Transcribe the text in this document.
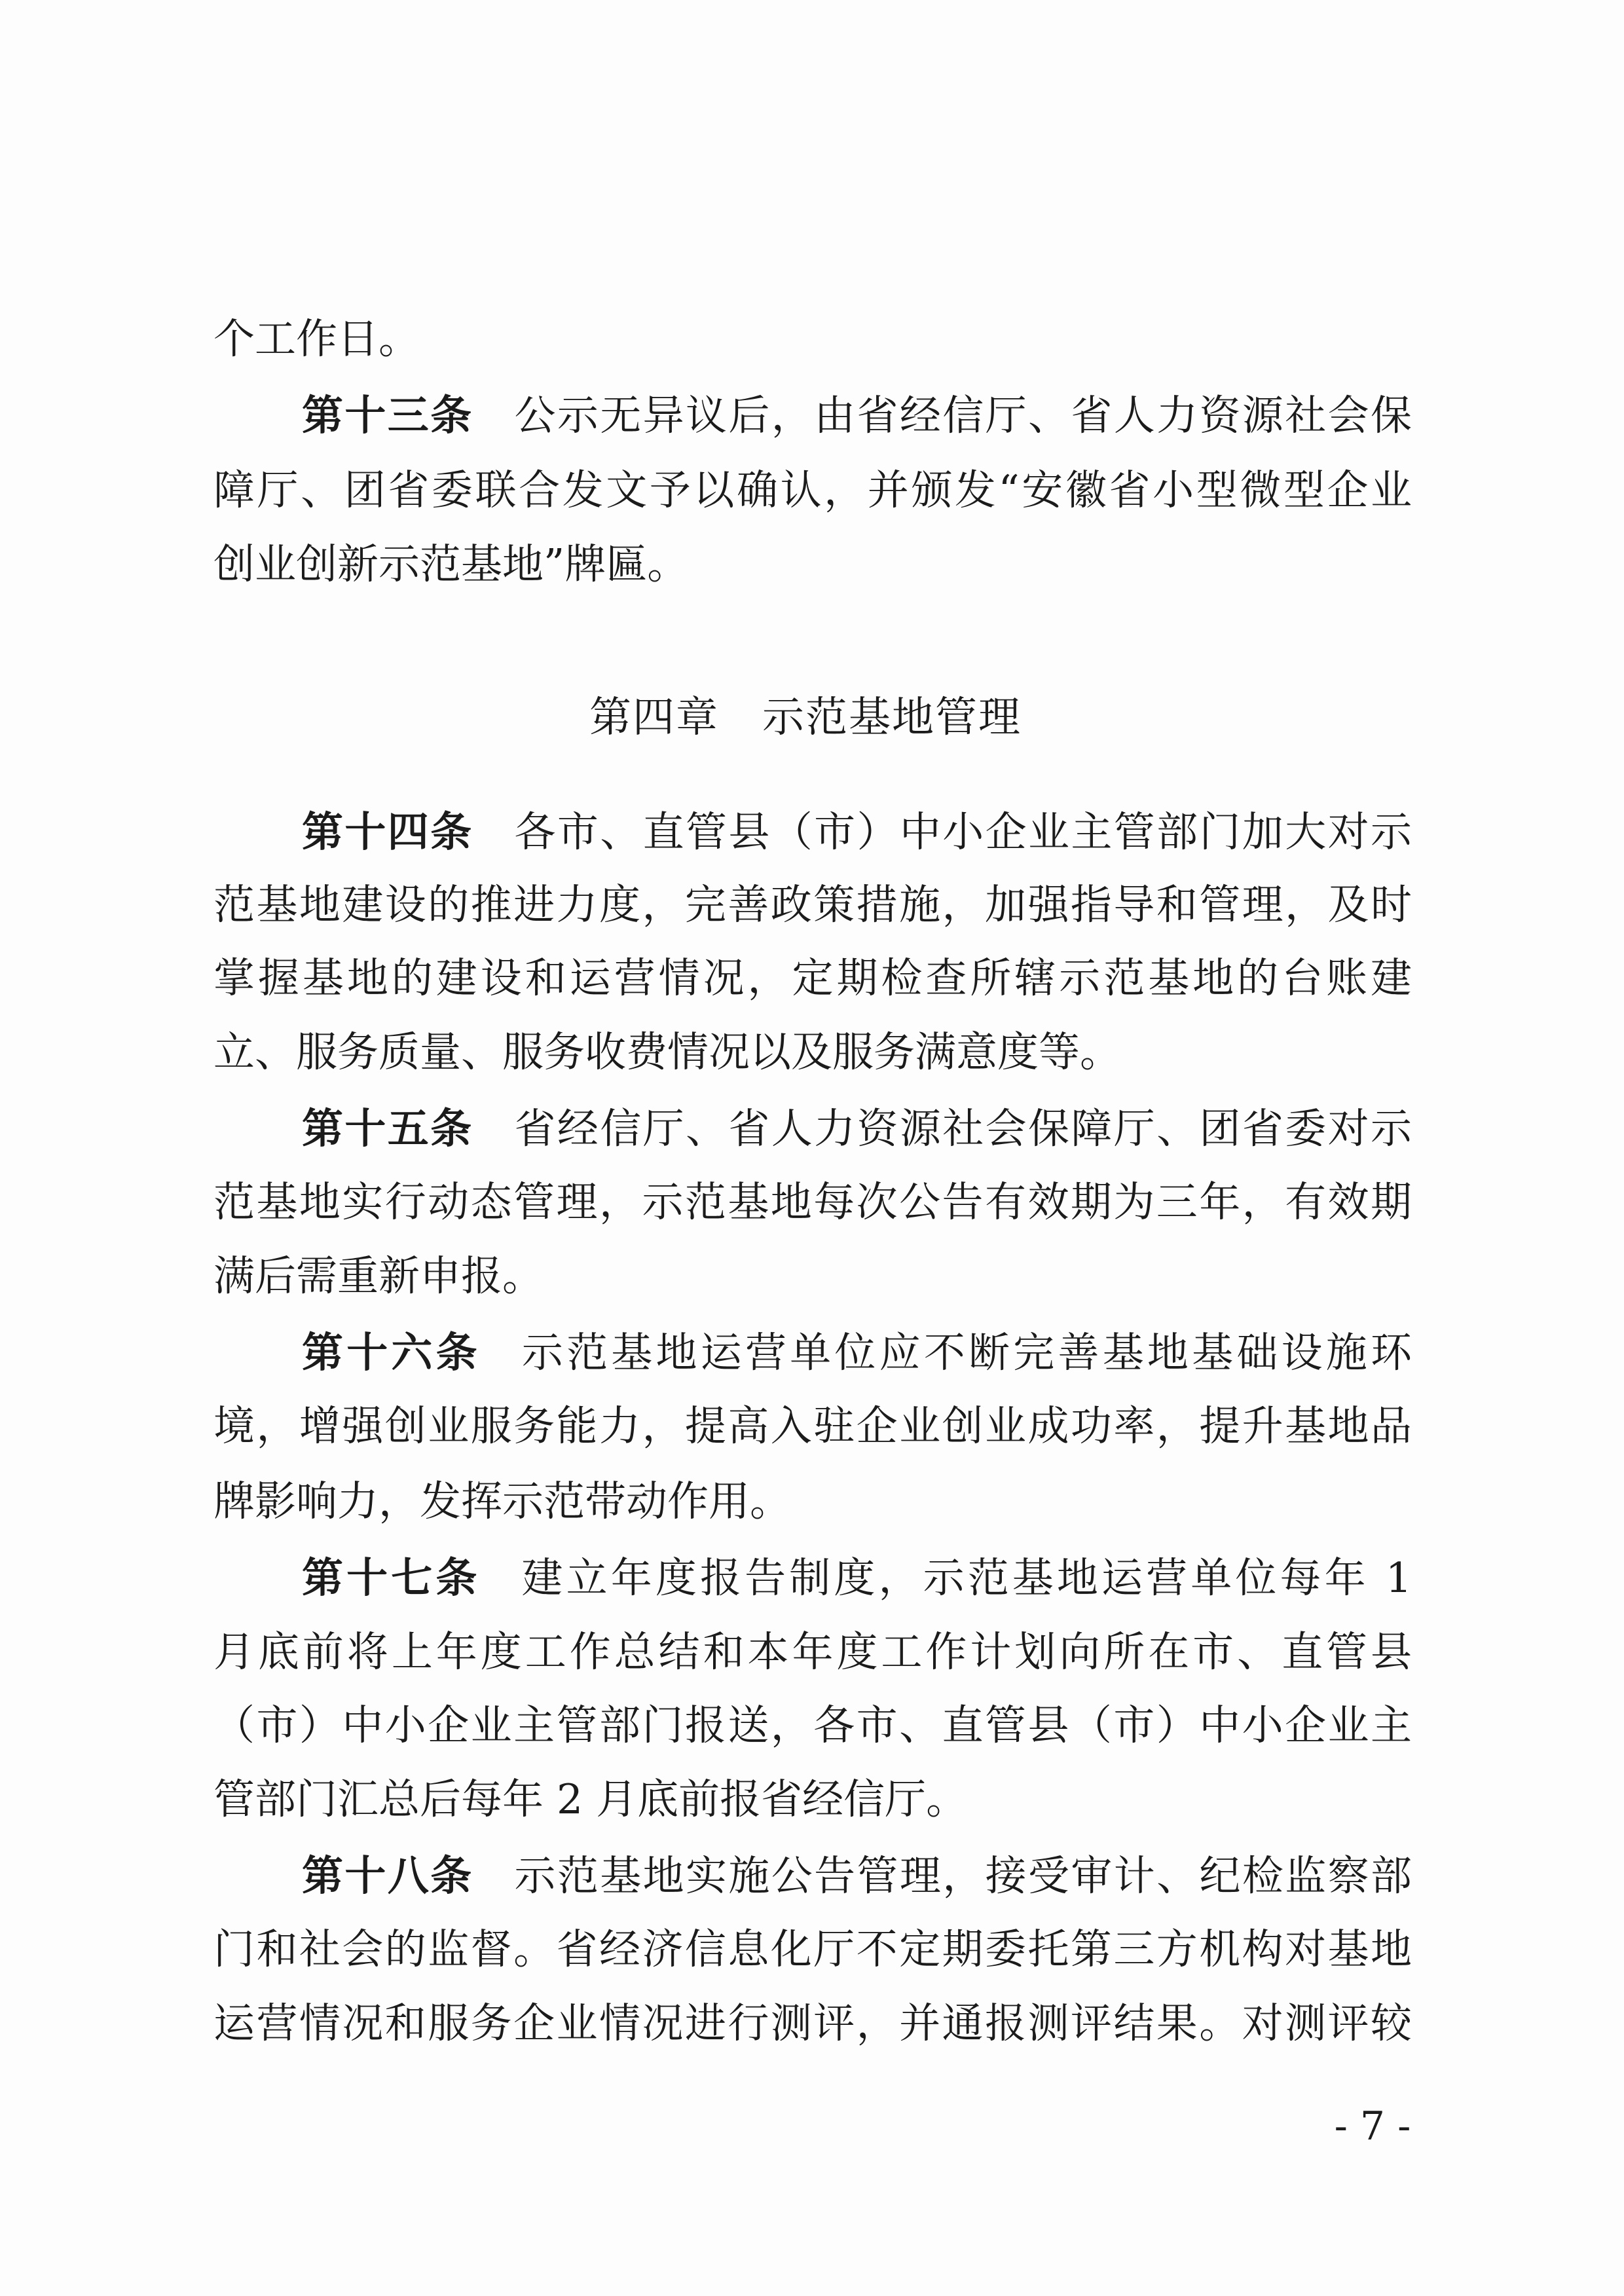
个工作日。
第十三条 公示无异议后，由省经信厅、省人力资源社会保
障厅、团省委联合发文予以确认，并颁发“安徽省小型微型企业
创业创新示范基地”牌匾。
第四章　示范基地管理
第十四条 各市、直管县（市）中小企业主管部门加大对示
范基地建设的推进力度，完善政策措施，加强指导和管理，及时
掌握基地的建设和运营情况，定期检查所辖示范基地的台账建
立、服务质量、服务收费情况以及服务满意度等。
第十五条 省经信厅、省人力资源社会保障厅、团省委对示
范基地实行动态管理，示范基地每次公告有效期为三年，有效期
满后需重新申报。
第十六条 示范基地运营单位应不断完善基地基础设施环
境，增强创业服务能力，提高入驻企业创业成功率，提升基地品
牌影响力，发挥示范带动作用。
第十七条 建立年度报告制度，示范基地运营单位每年 1
月底前将上年度工作总结和本年度工作计划向所在市、直管县
（市）中小企业主管部门报送，各市、直管县（市）中小企业主
管部门汇总后每年 2 月底前报省经信厅。
第十八条 示范基地实施公告管理，接受审计、纪检监察部
门和社会的监督。省经济信息化厅不定期委托第三方机构对基地
运营情况和服务企业情况进行测评，并通报测评结果。对测评较
- 7 -
